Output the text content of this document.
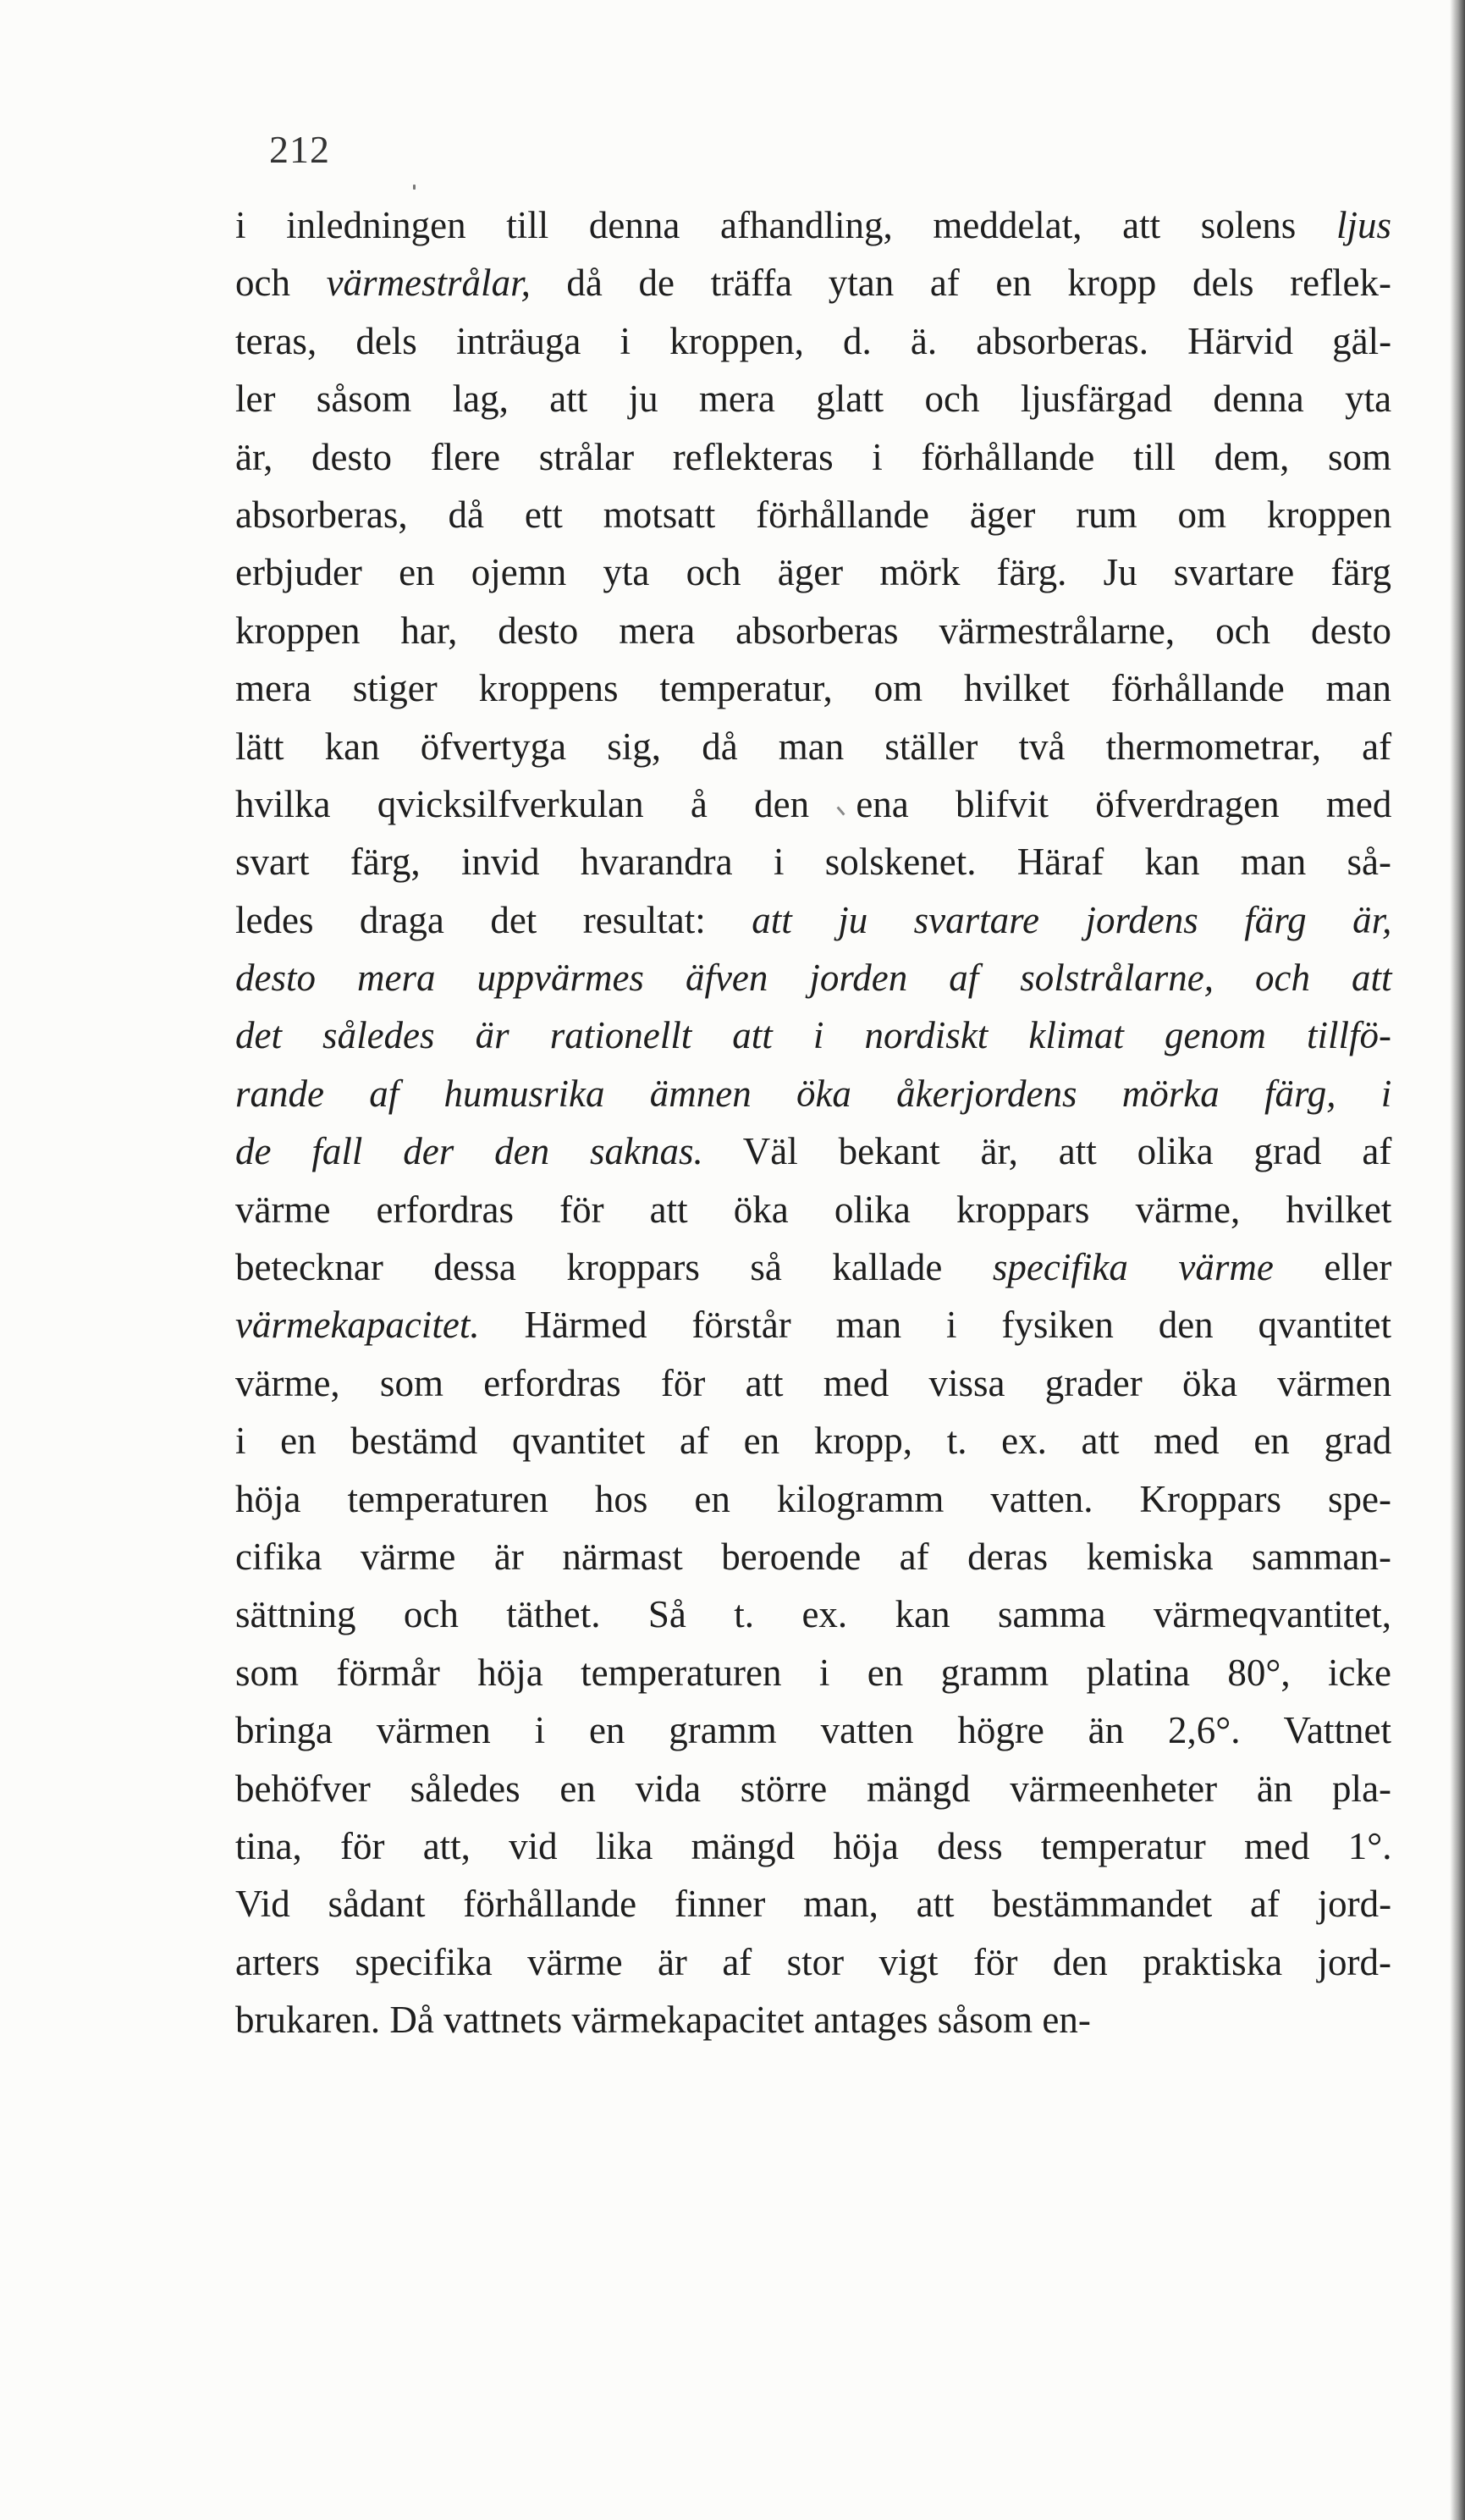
212
i inledningen till denna afhandling, meddelat, att solens ljus
och värmestrålar, då de träffa ytan af en kropp dels reflek-
teras, dels inträuga i kroppen, d. ä. absorberas. Härvid gäl-
ler såsom lag, att ju mera glatt och ljusfärgad denna yta
är, desto flere strålar reflekteras i förhållande till dem, som
absorberas, då ett motsatt förhållande äger rum om kroppen
erbjuder en ojemn yta och äger mörk färg. Ju svartare färg
kroppen har, desto mera absorberas värmestrålarne, och desto
mera stiger kroppens temperatur, om hvilket förhållande man
lätt kan öfvertyga sig, då man ställer två thermometrar, af
hvilka qvicksilfverkulan å den ena blifvit öfverdragen med
svart färg, invid hvarandra i solskenet. Häraf kan man så-
ledes draga det resultat: att ju svartare jordens färg är,
desto mera uppvärmes äfven jorden af solstrålarne, och att
det således är rationellt att i nordiskt klimat genom tillfö-
rande af humusrika ämnen öka åkerjordens mörka färg, i
de fall der den saknas. Väl bekant är, att olika grad af
värme erfordras för att öka olika kroppars värme, hvilket
betecknar dessa kroppars så kallade specifika värme eller
värmekapacitet. Härmed förstår man i fysiken den qvantitet
värme, som erfordras för att med vissa grader öka värmen
i en bestämd qvantitet af en kropp, t. ex. att med en grad
höja temperaturen hos en kilogramm vatten. Kroppars spe-
cifika värme är närmast beroende af deras kemiska samman-
sättning och täthet. Så t. ex. kan samma värmeqvantitet,
som förmår höja temperaturen i en gramm platina 80°, icke
bringa värmen i en gramm vatten högre än 2,6°. Vattnet
behöfver således en vida större mängd värmeenheter än pla-
tina, för att, vid lika mängd höja dess temperatur med 1°.
Vid sådant förhållande finner man, att bestämmandet af jord-
arters specifika värme är af stor vigt för den praktiska jord-
brukaren. Då vattnets värmekapacitet antages såsom en-
